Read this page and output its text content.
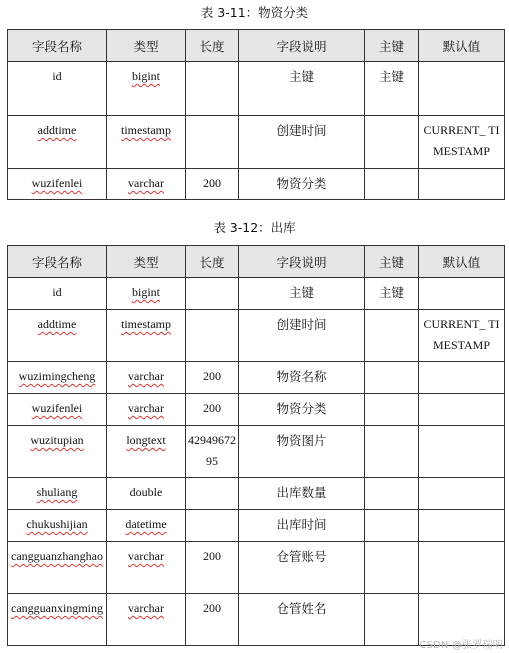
表 3-11：物资分类
字段名称	类型	长度	字段说明	主键	默认值
id	bigint		主键	主键	
addtime	timestamp		创建时间		CURRENT_ TIMESTAMP
wuzifenlei	varchar	200	物资分类		
表 3-12：出库
字段名称	类型	长度	字段说明	主键	默认值
id	bigint		主键	主键	
addtime	timestamp		创建时间		CURRENT_ TIMESTAMP
wuzimingcheng	varchar	200	物资名称		
wuzifenlei	varchar	200	物资分类		
wuzitupian	longtext	4294967295	物资图片		
shuliang	double		出库数量		
chukushijian	datetime		出库时间		
cangguanzhanghao	varchar	200	仓管账号		
cangguanxingming	varchar	200	仓管姓名		
CSDN @张罗瑞明
